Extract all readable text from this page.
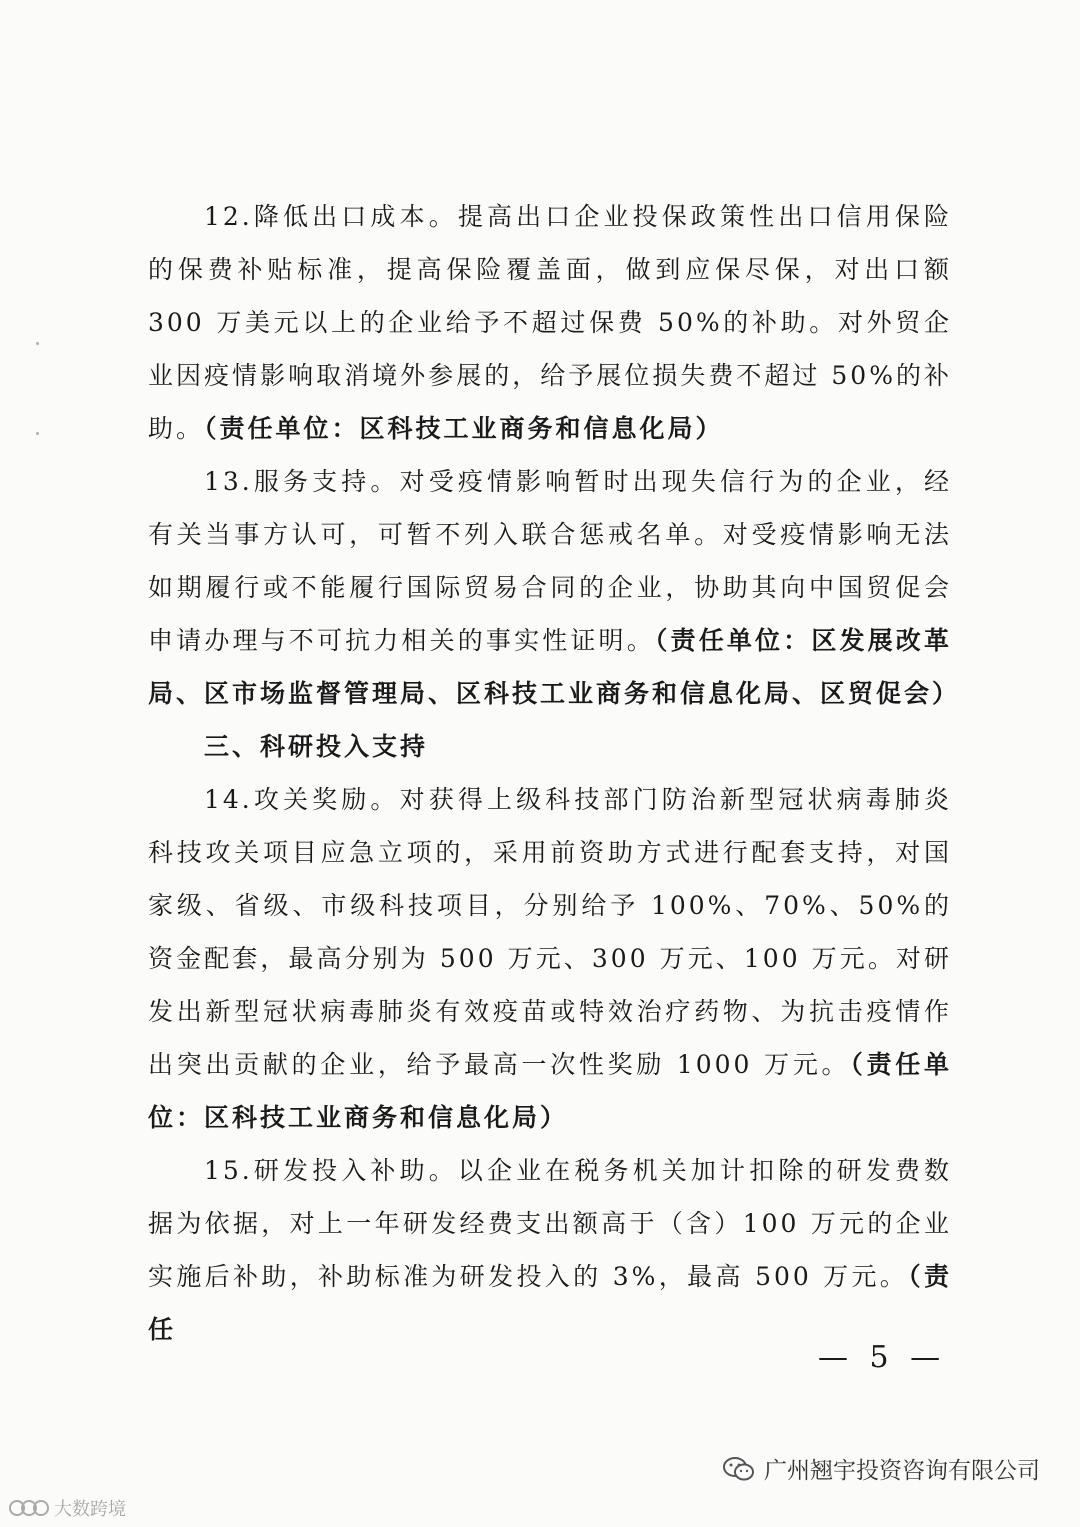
12.降低出口成本。提高出口企业投保政策性出口信用保险的保费补贴标准，提高保险覆盖面，做到应保尽保，对出口额 300 万美元以上的企业给予不超过保费 50%的补助。对外贸企业因疫情影响取消境外参展的，给予展位损失费不超过 50%的补助。（责任单位：区科技工业商务和信息化局）

13.服务支持。对受疫情影响暂时出现失信行为的企业，经有关当事方认可，可暂不列入联合惩戒名单。对受疫情影响无法如期履行或不能履行国际贸易合同的企业，协助其向中国贸促会申请办理与不可抗力相关的事实性证明。（责任单位：区发展改革局、区市场监督管理局、区科技工业商务和信息化局、区贸促会）

三、科研投入支持

14.攻关奖励。对获得上级科技部门防治新型冠状病毒肺炎科技攻关项目应急立项的，采用前资助方式进行配套支持，对国家级、省级、市级科技项目，分别给予 100%、70%、50%的资金配套，最高分别为 500 万元、300 万元、100 万元。对研发出新型冠状病毒肺炎有效疫苗或特效治疗药物、为抗击疫情作出突出贡献的企业，给予最高一次性奖励 1000 万元。（责任单位：区科技工业商务和信息化局）

15.研发投入补助。以企业在税务机关加计扣除的研发费数据为依据，对上一年研发经费支出额高于（含）100 万元的企业实施后补助，补助标准为研发投入的 3%，最高 500 万元。（责任

— 5 —
广州翘宇投资咨询有限公司
大数跨境
